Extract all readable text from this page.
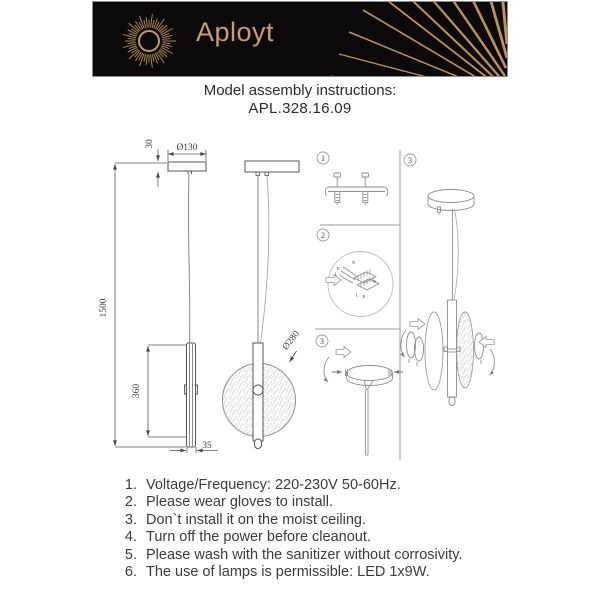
Aployt
Model assembly instructions:
APL.328.16.09
1500
30 Ø130
360
35
Ø280
1
2
N
E
L
L E
N
3
3
1. Voltage/Frequency: 220-230V 50-60Hz.
2. Please wear gloves to install.
3. Don`t install it on the moist ceiling.
4. Turn off the power before cleanout.
5. Please wash with the sanitizer without corrosivity.
6. The use of lamps is permissible: LED 1x9W.
